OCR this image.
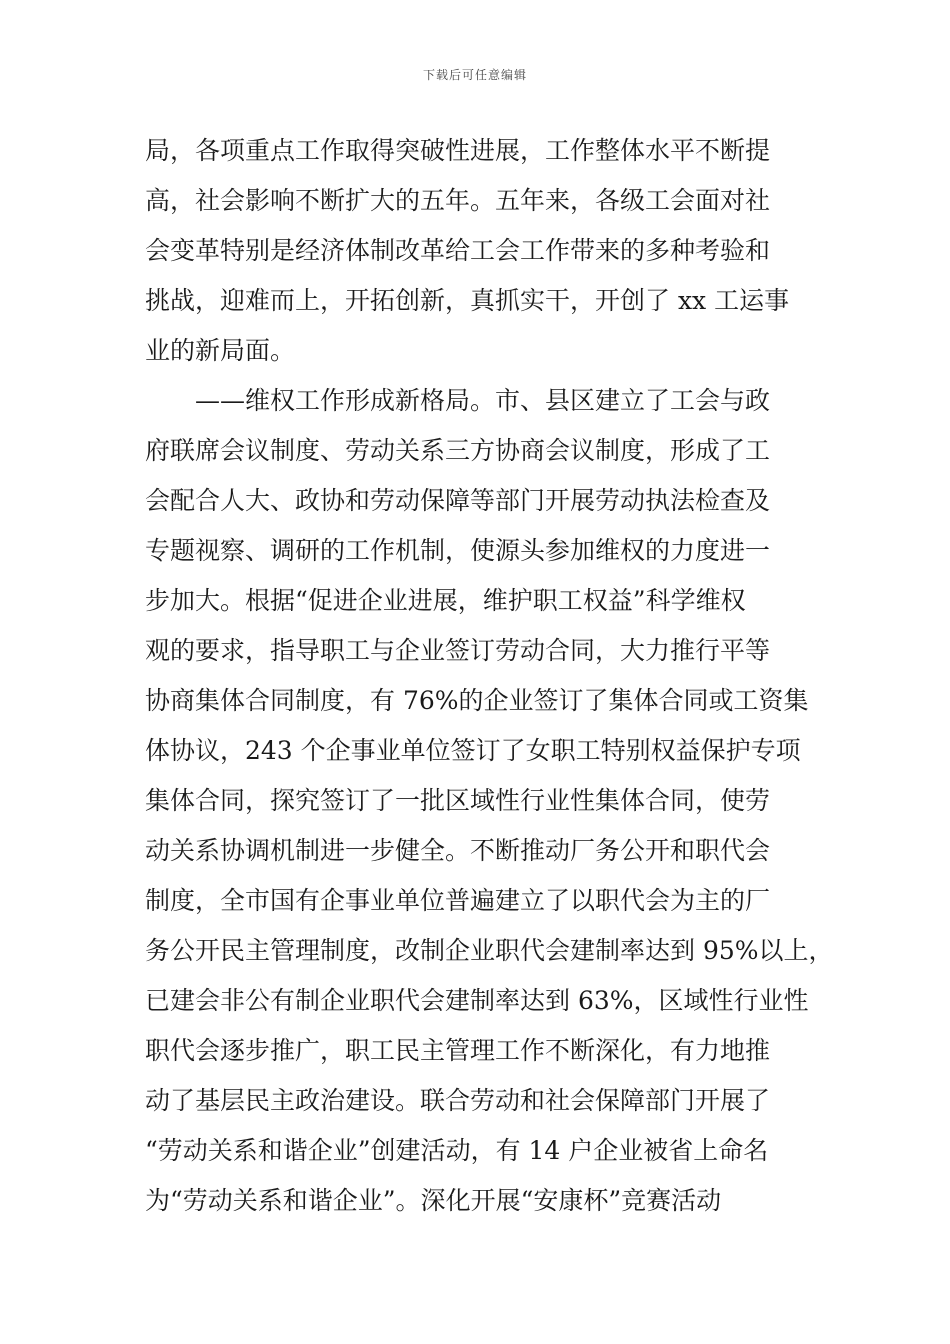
下载后可任意编辑
局，各项重点工作取得突破性进展，工作整体水平不断提
高，社会影响不断扩大的五年。五年来，各级工会面对社
会变革特别是经济体制改革给工会工作带来的多种考验和
挑战，迎难而上，开拓创新，真抓实干，开创了 xx 工运事
业的新局面。
——维权工作形成新格局。市、县区建立了工会与政
府联席会议制度、劳动关系三方协商会议制度，形成了工
会配合人大、政协和劳动保障等部门开展劳动执法检查及
专题视察、调研的工作机制，使源头参加维权的力度进一
步加大。根据“促进企业进展，维护职工权益”科学维权
观的要求，指导职工与企业签订劳动合同，大力推行平等
协商集体合同制度，有 76%的企业签订了集体合同或工资集
体协议，243 个企事业单位签订了女职工特别权益保护专项
集体合同，探究签订了一批区域性行业性集体合同，使劳
动关系协调机制进一步健全。不断推动厂务公开和职代会
制度，全市国有企事业单位普遍建立了以职代会为主的厂
务公开民主管理制度，改制企业职代会建制率达到 95%以上，
已建会非公有制企业职代会建制率达到 63%，区域性行业性
职代会逐步推广，职工民主管理工作不断深化，有力地推
动了基层民主政治建设。联合劳动和社会保障部门开展了
“劳动关系和谐企业”创建活动，有 14 户企业被省上命名
为“劳动关系和谐企业”。深化开展“安康杯”竞赛活动
